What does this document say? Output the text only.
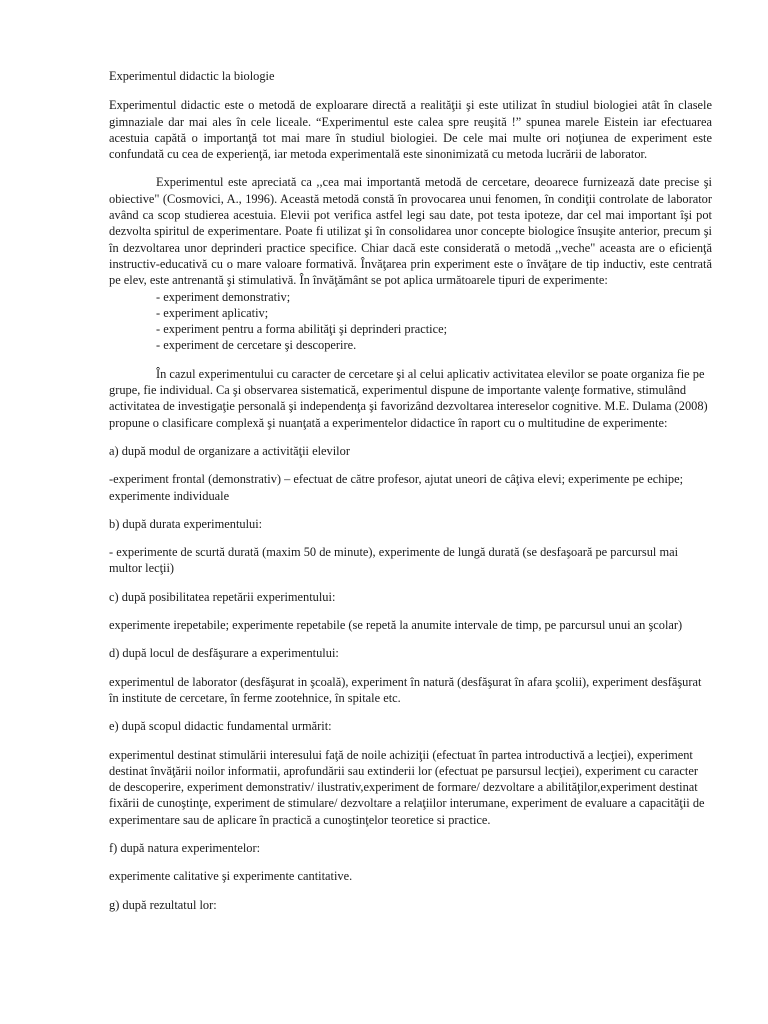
Experimentul didactic la biologie

Experimentul didactic este o metodă de exploarare directă a realităţii şi este utilizat în studiul biologiei atât în clasele gimnaziale dar mai ales în cele liceale. “Experimentul este calea spre reuşită !” spunea marele Eistein iar efectuarea acestuia capătă o importanţă tot mai mare în studiul biologiei. De cele mai multe ori noţiunea de experiment este confundată cu cea de experienţă, iar metoda experimentală este sinonimizată cu metoda lucrării de laborator.

Experimentul este apreciată ca ,,cea mai importantă metodă de cercetare, deoarece furnizează date precise şi obiective" (Cosmovici, A., 1996). Această metodă constă în provocarea unui fenomen, în condiţii controlate de laborator având ca scop studierea acestuia. Elevii pot verifica astfel legi sau date, pot testa ipoteze, dar cel mai important îşi pot dezvolta spiritul de experimentare. Poate fi utilizat şi în consolidarea unor concepte biologice însuşite anterior, precum şi în dezvoltarea unor deprinderi practice specifice. Chiar dacă este considerată o metodă ,,veche" aceasta are o eficienţă instructiv-educativă cu o mare valoare formativă. Învăţarea prin experiment este o învăţare de tip inductiv, este centrată pe elev, este antrenantă şi stimulativă. În învăţământ se pot aplica următoarele tipuri de experimente:

- experiment demonstrativ;
- experiment aplicativ;
- experiment pentru a forma abilităţi şi deprinderi practice;
- experiment de cercetare şi descoperire.

În cazul experimentului cu caracter de cercetare şi al celui aplicativ activitatea elevilor se poate organiza fie pe grupe, fie individual. Ca şi observarea sistematică, experimentul dispune de importante valenţe formative, stimulând activitatea de investigaţie personală şi independenţa şi favorizând dezvoltarea intereselor cognitive. M.E. Dulama (2008) propune o clasificare complexă şi nuanţată a experimentelor didactice în raport cu o multitudine de experimente:

a) după modul de organizare a activităţii elevilor

-experiment frontal (demonstrativ) – efectuat de către profesor, ajutat uneori de câţiva elevi; experimente pe echipe; experimente individuale

b) după durata experimentului:

- experimente de scurtă durată (maxim 50 de minute), experimente de lungă durată (se desfaşoară pe parcursul mai multor lecţii)

c) după posibilitatea repetării experimentului:

experimente irepetabile; experimente repetabile (se repetă la anumite intervale de timp, pe parcursul unui an şcolar)

d) după locul de desfăşurare a experimentului:

experimentul de laborator (desfăşurat in şcoală), experiment în natură (desfăşurat în afara şcolii), experiment desfăşurat în institute de cercetare, în ferme zootehnice, în spitale etc.

e) după scopul didactic fundamental urmărit:

experimentul destinat stimulării interesului faţă de noile achiziţii (efectuat în partea introductivă a lecţiei), experiment destinat învăţării noilor informatii, aprofundării sau extinderii lor (efectuat pe parsursul lecţiei), experiment cu caracter de descoperire, experiment demonstrativ/ ilustrativ,experiment de formare/ dezvoltare a abilităţilor,experiment destinat fixării de cunoştinţe, experiment de stimulare/ dezvoltare a relaţiilor interumane, experiment de evaluare a capacităţii de experimentare sau de aplicare în practică a cunoştinţelor teoretice si practice.

f) după natura experimentelor:

experimente calitative şi experimente cantitative.

g) după rezultatul lor:
